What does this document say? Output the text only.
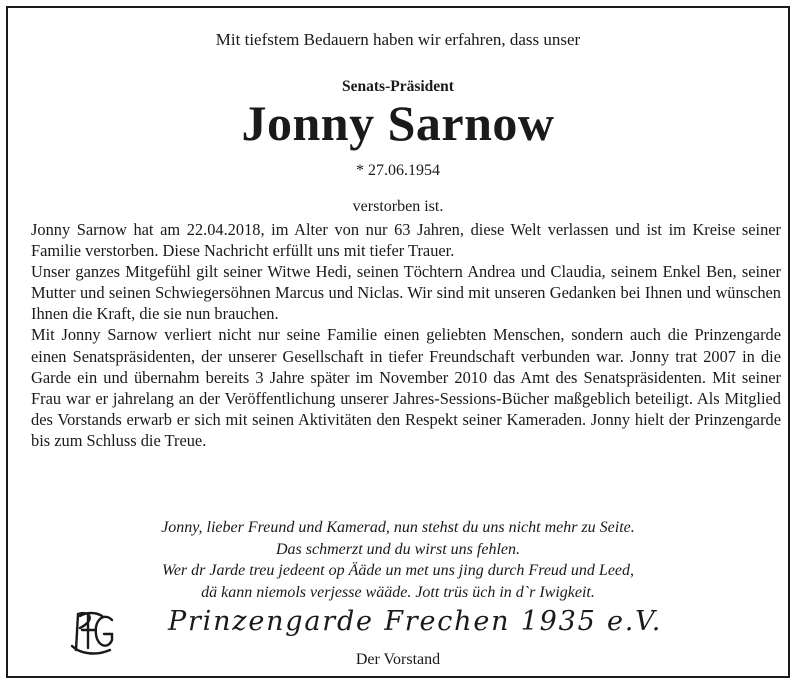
Mit tiefstem Bedauern haben wir erfahren, dass unser
Senats-Präsident
Jonny Sarnow
* 27.06.1954
verstorben ist.

Jonny Sarnow hat am 22.04.2018, im Alter von nur 63 Jahren, diese Welt verlassen und ist im Kreise seiner Familie verstorben. Diese Nachricht erfüllt uns mit tiefer Trauer.

Unser ganzes Mitgefühl gilt seiner Witwe Hedi, seinen Töchtern Andrea und Claudia, seinem Enkel Ben, seiner Mutter und seinen Schwiegersöhnen Marcus und Niclas. Wir sind mit unseren Gedanken bei Ihnen und wünschen Ihnen die Kraft, die sie nun brauchen.

Mit Jonny Sarnow verliert nicht nur seine Familie einen geliebten Menschen, sondern auch die Prinzengarde einen Senatspräsidenten, der unserer Gesellschaft in tiefer Freundschaft verbunden war. Jonny trat 2007 in die Garde ein und übernahm bereits 3 Jahre später im November 2010 das Amt des Senatspräsidenten. Mit seiner Frau war er jahrelang an der Veröffentlichung unserer Jahres-Sessions-Bücher maßgeblich beteiligt. Als Mitglied des Vorstands erwarb er sich mit seinen Aktivitäten den Respekt seiner Kameraden. Jonny hielt der Prinzengarde bis zum Schluss die Treue.

Jonny, lieber Freund und Kamerad, nun stehst du uns nicht mehr zu Seite.
Das schmerzt und du wirst uns fehlen.
Wer dr Jarde treu jedeent op Äädе un met uns jing durch Freud und Leed,
dä kann niemols verjesse wäädе. Jott trüs üch in d`r Iwigkeit.
Prinzengarde Frechen 1935 e.V.
Der Vorstand
